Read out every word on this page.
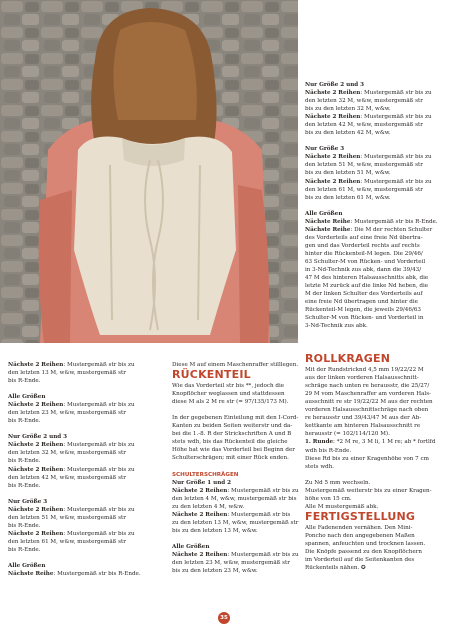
Nur Größe 2 und 3

Nächste 2 Reihen: Mustergemäß str bis zu

den letzten 32 M, w&w, mustergemäß str

bis zu den letzten 32 M, w&w.

Nächste 2 Reihen: Mustergemäß str bis zu

den letzten 42 M, w&w, mustergemäß str

bis zu den letzten 42 M, w&w.

Nur Größe 3

Nächste 2 Reihen: Mustergemäß str bis zu

den letzten 51 M, w&w, mustergemäß str

bis zu den letzten 51 M, w&w.

Nächste 2 Reihen: Mustergemäß str bis zu

den letzten 61 M, w&w, mustergemäß str

bis zu den letzten 61 M, w&w.

Alle Größen

Nächste Reihe: Mustergemäß str bis R-Ende.

Nächste Reihe: Die M der rechten Schulter

des Vorderteils auf eine freie Nd übertra-

gen und das Vorderteil rechts auf rechts

hinter die Rückenteil-M legen. Die 29/46/

63 Schulter-M von Rücken- und Vorderteil

in 3-Nd-Technik zus abk, dann die 39/43/

47 M des hinteren Halsausschnitts abk, die

letzte M zurück auf die linke Nd heben, die

M der linken Schulter des Vorderteils auf

eine freie Nd übertragen und hinter die

Rückenteil-M legen, die jeweils 29/46/63

Schulter-M von Rücken- und Vorderteil in

3-Nd-Technik zus abk.

Nächste 2 Reihen: Mustergemäß str bis zu

den letzten 13 M, w&w, mustergemäß str

bis R-Ende.

Alle Größen

Nächste 2 Reihen: Mustergemäß str bis zu

den letzten 23 M, w&w, mustergemäß str

bis R-Ende.

Nur Größe 2 und 3

Nächste 2 Reihen: Mustergemäß str bis zu

den letzten 32 M, w&w, mustergemäß str

bis R-Ende.

Nächste 2 Reihen: Mustergemäß str bis zu

den letzten 42 M, w&w, mustergemäß str

bis R-Ende.

Nur Größe 3

Nächste 2 Reihen: Mustergemäß str bis zu

den letzten 51 M, w&w, mustergemäß str

bis R-Ende.

Nächste 2 Reihen: Mustergemäß str bis zu

den letzten 61 M, w&w, mustergemäß str

bis R-Ende.

Alle Größen

Nächste Reihe: Mustergemäß str bis R-Ende.

Diese M auf einem Maschenraffer stilllegen.

RÜCKENTEIL

Wie das Vorderteil str bis **, jedoch die

Knopflöcher weglassen und stattdessen

diese M als 2 M re str (= 97/135/173 M).

In der gegebenen Einteilung mit den I-Cord-

Kanten zu beiden Seiten weiterstr und da-

bei die 1.-8. R der Strickschriften A und B

stets wdh, bis das Rückenteil die gleiche

Höhe hat wie das Vorderteil bei Beginn der

Schulterschrägen; mit einer Rück enden.

SCHULTERSCHRÄGEN

Nur Größe 1 und 2

Nächste 2 Reihen: Mustergemäß str bis zu

den letzten 4 M, w&w, mustergemäß str bis

zu den letzten 4 M, w&w.

Nächste 2 Reihen: Mustergemäß str bis

zu den letzten 13 M, w&w, mustergemäß str

bis zu den letzten 13 M, w&w.

Alle Größen

Nächste 2 Reihen: Mustergemäß str bis zu

den letzten 23 M, w&w, mustergemäß str

bis zu den letzten 23 M, w&w.

ROLLKRAGEN

Mit der Rundstricknd 4,5 mm 19/22/22 M

aus der linken vorderen Halsausschnitt-

schräge nach unten re herausstr, die 25/27/

29 M vom Maschenraffer am vorderen Hals-

ausschnitt re str 19/22/22 M aus der rechten

vorderen Halsausschnittschräge nach oben

re herausstr und 39/43/47 M aus der Ab-

kettkante am hinteren Halsausschnitt re

herausstr (= 102/114/120 M).

1. Runde: *2 M re, 3 M li, 1 M re; ab * fortlfd

wdh bis R-Ende.

Diese Rd bis zu einer Kragenhöhe von 7 cm

stets wdh.

Zu Nd 5 mm wechseln.

Mustergemäß weiterstr bis zu einer Kragen-

höhe von 15 cm.

Alle M mustergemäß abk.

FERTIGSTELLUNG

Alle Fadenenden vernähen. Den Mini-

Poncho nach den angegebenen Maßen

spannen, anfeuchten und trocknen lassen.

Die Knöpfe passend zu den Knopflöchern

im Vorderteil auf die Seitenkanten des

Rückenteils nähen. ✪

35
